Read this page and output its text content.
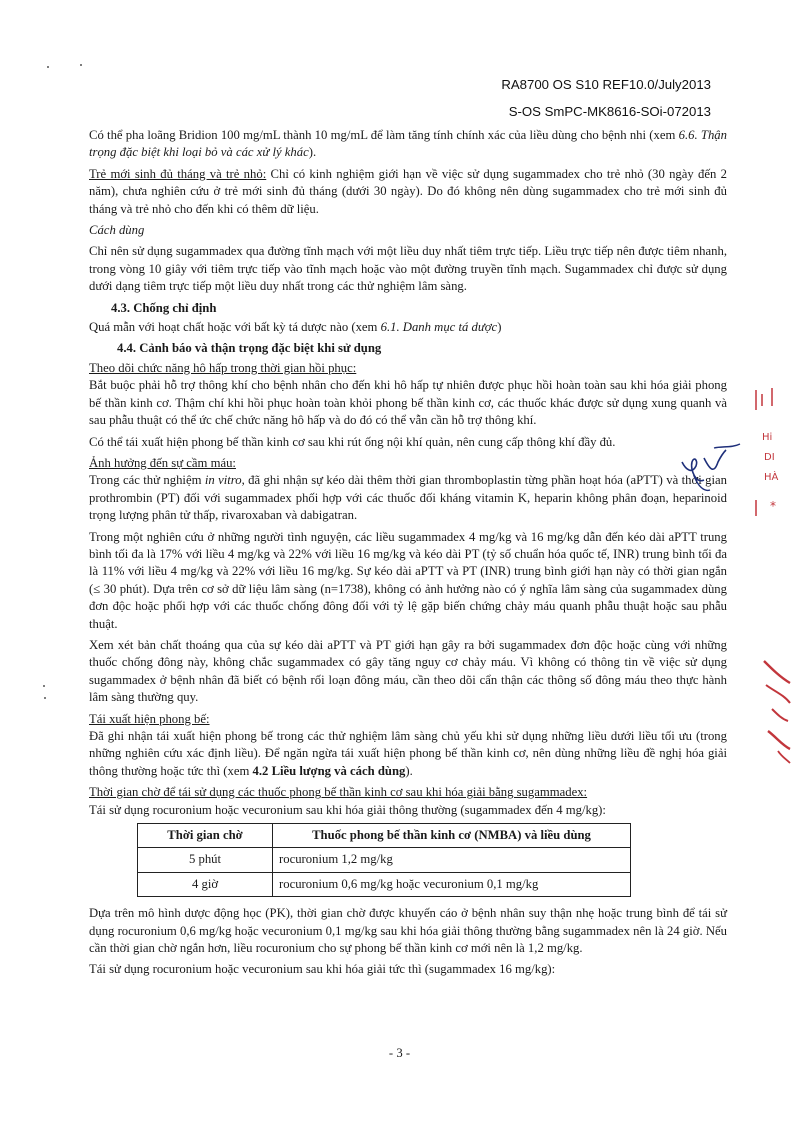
RA8700 OS S10 REF10.0/July2013
S-OS SmPC-MK8616-SOi-072013

Có thể pha loãng Bridion 100 mg/mL thành 10 mg/mL để làm tăng tính chính xác của liều dùng cho bệnh nhi (xem 6.6. Thận trọng đặc biệt khi loại bỏ và các xử lý khác).

Trẻ mới sinh đủ tháng và trẻ nhỏ: Chỉ có kinh nghiệm giới hạn về việc sử dụng sugammadex cho trẻ nhỏ (30 ngày đến 2 năm), chưa nghiên cứu ở trẻ mới sinh đủ tháng (dưới 30 ngày). Do đó không nên dùng sugammadex cho trẻ mới sinh đủ tháng và trẻ nhỏ cho đến khi có thêm dữ liệu.

Cách dùng

Chỉ nên sử dụng sugammadex qua đường tĩnh mạch với một liều duy nhất tiêm trực tiếp. Liều trực tiếp nên được tiêm nhanh, trong vòng 10 giây với tiêm trực tiếp vào tĩnh mạch hoặc vào một đường truyền tĩnh mạch. Sugammadex chỉ được sử dụng dưới dạng tiêm trực tiếp một liều duy nhất trong các thử nghiệm lâm sàng.

4.3. Chống chỉ định

Quá mẫn với hoạt chất hoặc với bất kỳ tá dược nào (xem 6.1. Danh mục tá dược)

4.4. Cảnh báo và thận trọng đặc biệt khi sử dụng

Theo dõi chức năng hô hấp trong thời gian hồi phục:

Bắt buộc phải hỗ trợ thông khí cho bệnh nhân cho đến khi hô hấp tự nhiên được phục hồi hoàn toàn sau khi hóa giải phong bế thần kinh cơ. Thậm chí khi hồi phục hoàn toàn khỏi phong bế thần kinh cơ, các thuốc khác được sử dụng xung quanh và sau phẫu thuật có thể ức chế chức năng hô hấp và do đó có thể vẫn cần hỗ trợ thông khí.

Có thể tái xuất hiện phong bế thần kinh cơ sau khi rút ống nội khí quản, nên cung cấp thông khí đầy đủ.

Ảnh hưởng đến sự cầm máu:

Trong các thử nghiệm in vitro, đã ghi nhận sự kéo dài thêm thời gian thromboplastin từng phần hoạt hóa (aPTT) và thời gian prothrombin (PT) đối với sugammadex phối hợp với các thuốc đối kháng vitamin K, heparin không phân đoạn, heparinoid trọng lượng phân tử thấp, rivaroxaban và dabigatran.

Trong một nghiên cứu ở những người tình nguyện, các liều sugammadex 4 mg/kg và 16 mg/kg dẫn đến kéo dài aPTT trung bình tối đa là 17% với liều 4 mg/kg và 22% với liều 16 mg/kg và kéo dài PT (tỷ số chuẩn hóa quốc tế, INR) trung bình tối đa là 11% với liều 4 mg/kg và 22% với liều 16 mg/kg. Sự kéo dài aPTT và PT (INR) trung bình giới hạn này có thời gian ngắn (≤ 30 phút). Dựa trên cơ sở dữ liệu lâm sàng (n=1738), không có ảnh hưởng nào có ý nghĩa lâm sàng của sugammadex dùng đơn độc hoặc phối hợp với các thuốc chống đông đối với tỷ lệ gặp biến chứng chảy máu quanh phẫu thuật hoặc sau phẫu thuật.

Xem xét bản chất thoáng qua của sự kéo dài aPTT và PT giới hạn gây ra bởi sugammadex đơn độc hoặc cùng với những thuốc chống đông này, không chắc sugammadex có gây tăng nguy cơ chảy máu. Vì không có thông tin về việc sử dụng sugammadex ở bệnh nhân đã biết có bệnh rối loạn đông máu, cần theo dõi cẩn thận các thông số đông máu theo thực hành lâm sàng thường quy.

Tái xuất hiện phong bế:

Đã ghi nhận tái xuất hiện phong bế trong các thử nghiệm lâm sàng chủ yếu khi sử dụng những liều dưới liều tối ưu (trong những nghiên cứu xác định liều). Để ngăn ngừa tái xuất hiện phong bế thần kinh cơ, nên dùng những liều đề nghị hóa giải thông thường hoặc tức thì (xem 4.2 Liều lượng và cách dùng).

Thời gian chờ để tái sử dụng các thuốc phong bế thần kinh cơ sau khi hóa giải bằng sugammadex:

Tái sử dụng rocuronium hoặc vecuronium sau khi hóa giải thông thường (sugammadex đến 4 mg/kg):

Thời gian chờ	Thuốc phong bế thần kinh cơ (NMBA) và liều dùng
5 phút	rocuronium 1,2 mg/kg
4 giờ	rocuronium 0,6 mg/kg hoặc vecuronium 0,1 mg/kg

Dựa trên mô hình dược động học (PK), thời gian chờ được khuyến cáo ở bệnh nhân suy thận nhẹ hoặc trung bình để tái sử dụng rocuronium 0,6 mg/kg hoặc vecuronium 0,1 mg/kg sau khi hóa giải thông thường bằng sugammadex nên là 24 giờ. Nếu cần thời gian chờ ngắn hơn, liều rocuronium cho sự phong bế thần kinh cơ mới nên là 1,2 mg/kg.

Tái sử dụng rocuronium hoặc vecuronium sau khi hóa giải tức thì (sugammadex 16 mg/kg):

- 3 -
*
Hi
DI
HÀ
